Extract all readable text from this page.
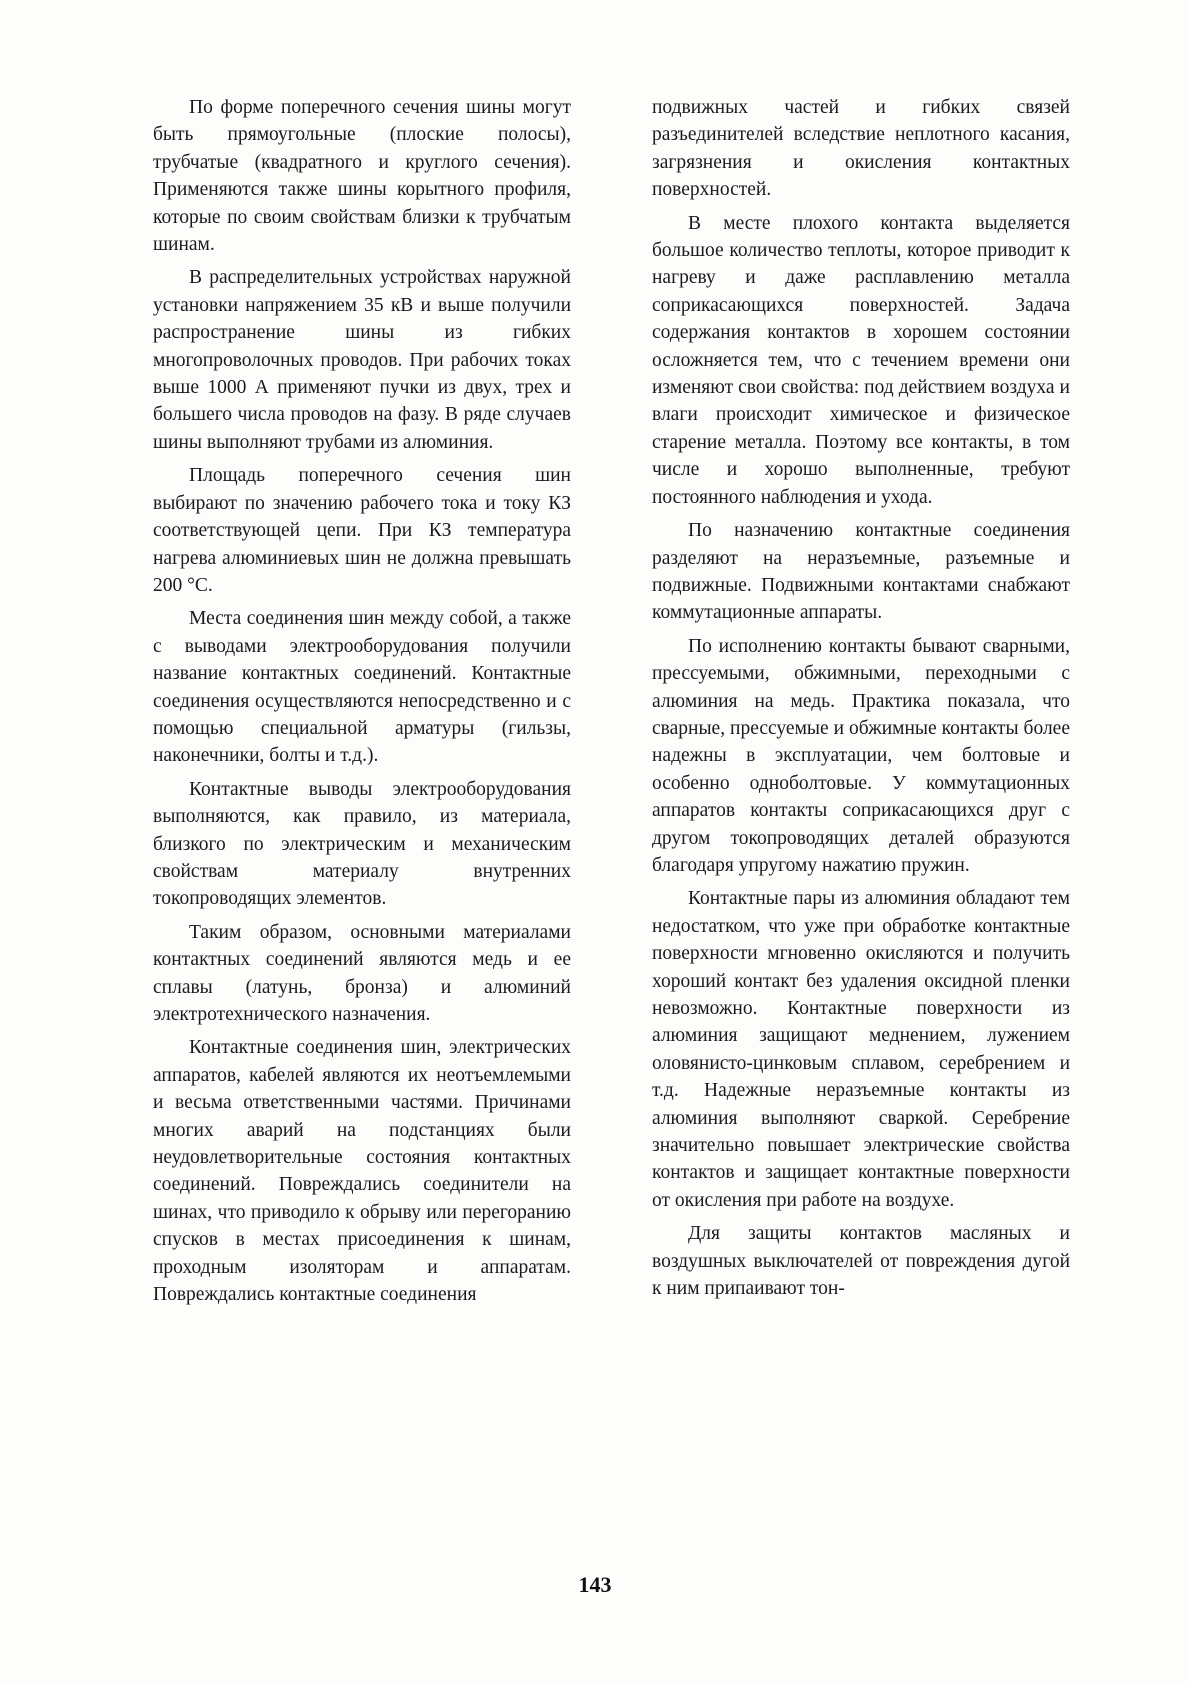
По форме поперечного сечения шины могут быть прямоугольные (плоские полосы), трубчатые (квадратного и круглого сечения). Применяются также шины корытного профиля, которые по своим свойствам близки к трубчатым шинам.

В распределительных устройствах наружной установки напряжением 35 кВ и выше получили распространение шины из гибких многопроволочных проводов. При рабочих токах выше 1000 А применяют пучки из двух, трех и большего числа проводов на фазу. В ряде случаев шины выполняют трубами из алюминия.

Площадь поперечного сечения шин выбирают по значению рабочего тока и току КЗ соответствующей цепи. При КЗ температура нагрева алюминиевых шин не должна превышать 200 °С.

Места соединения шин между собой, а также с выводами электрооборудования получили название контактных соединений. Контактные соединения осуществляются непосредственно и с помощью специальной арматуры (гильзы, наконечники, болты и т.д.).

Контактные выводы электрооборудования выполняются, как правило, из материала, близкого по электрическим и механическим свойствам материалу внутренних токопроводящих элементов.

Таким образом, основными материалами контактных соединений являются медь и ее сплавы (латунь, бронза) и алюминий электротехнического назначения.

Контактные соединения шин, электрических аппаратов, кабелей являются их неотъемлемыми и весьма ответственными частями. Причинами многих аварий на подстанциях были неудовлетворительные состояния контактных соединений. Повреждались соединители на шинах, что приводило к обрыву или перегоранию спусков в местах присоединения к шинам, проходным изоляторам и аппаратам. Повреждались контактные соединения

подвижных частей и гибких связей разъединителей вследствие неплотного касания, загрязнения и окисления контактных поверхностей.

В месте плохого контакта выделяется большое количество теплоты, которое приводит к нагреву и даже расплавлению металла соприкасающихся поверхностей. Задача содержания контактов в хорошем состоянии осложняется тем, что с течением времени они изменяют свои свойства: под действием воздуха и влаги происходит химическое и физическое старение металла. Поэтому все контакты, в том числе и хорошо выполненные, требуют постоянного наблюдения и ухода.

По назначению контактные соединения разделяют на неразъемные, разъемные и подвижные. Подвижными контактами снабжают коммутационные аппараты.

По исполнению контакты бывают сварными, прессуемыми, обжимными, переходными с алюминия на медь. Практика показала, что сварные, прессуемые и обжимные контакты более надежны в эксплуатации, чем болтовые и особенно одноболтовые. У коммутационных аппаратов контакты соприкасающихся друг с другом токопроводящих деталей образуются благодаря упругому нажатию пружин.

Контактные пары из алюминия обладают тем недостатком, что уже при обработке контактные поверхности мгновенно окисляются и получить хороший контакт без удаления оксидной пленки невозможно. Контактные поверхности из алюминия защищают меднением, лужением оловянисто-цинковым сплавом, серебрением и т.д. Надежные неразъемные контакты из алюминия выполняют сваркой. Серебрение значительно повышает электрические свойства контактов и защищает контактные поверхности от окисления при работе на воздухе.

Для защиты контактов масляных и воздушных выключателей от повреждения дугой к ним припаивают тон-

143
